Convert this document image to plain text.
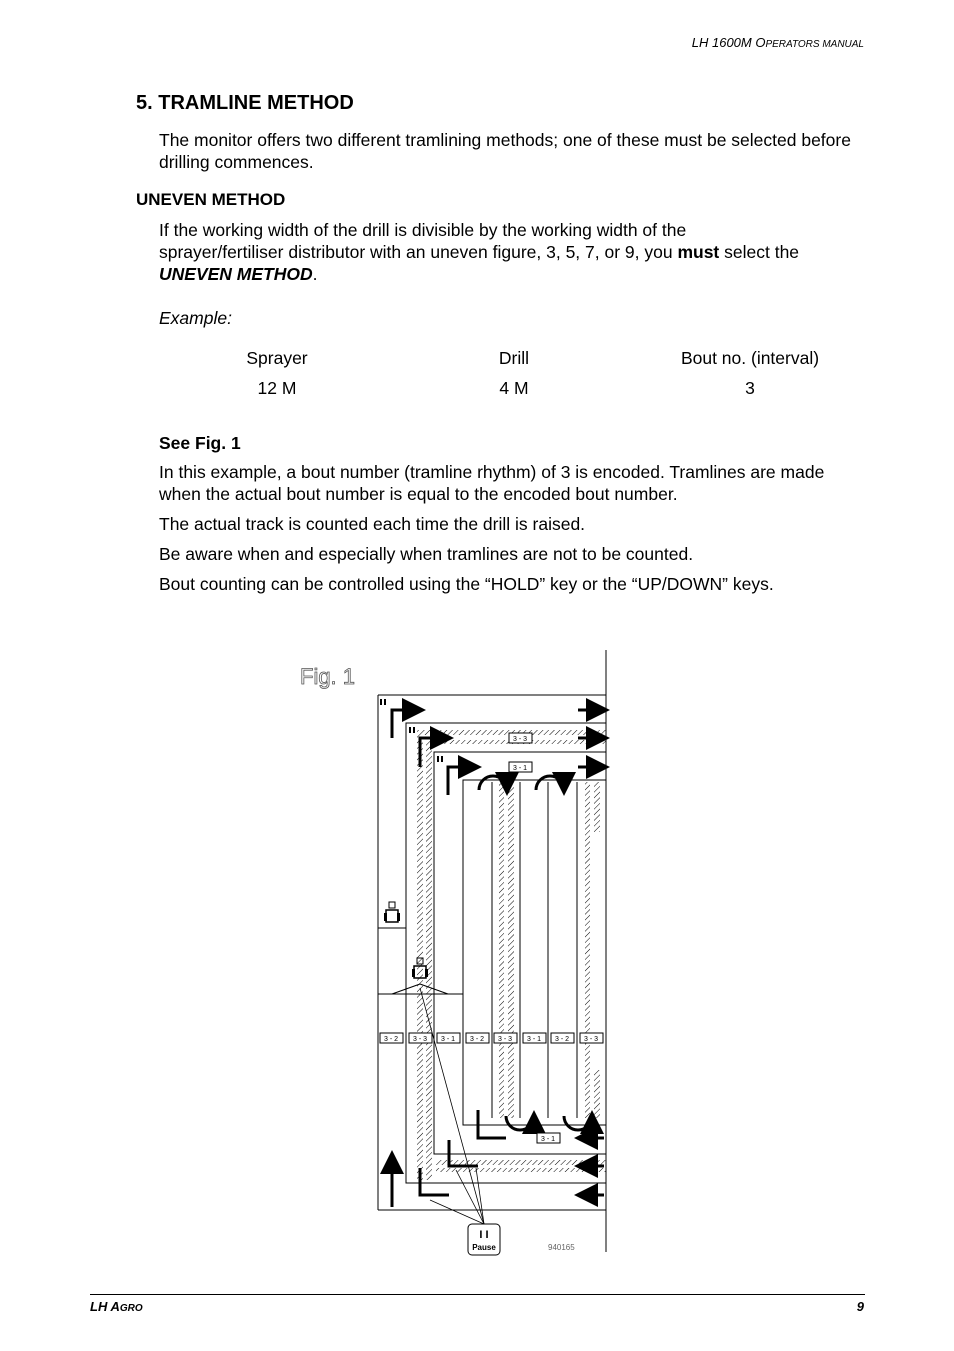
LH 1600M OPERATORS MANUAL
5. TRAMLINE METHOD
The monitor offers two different tramlining methods; one of these must be selected before drilling commences.
UNEVEN METHOD
If the working width of the drill is divisible by the working width of the
sprayer/fertiliser distributor with an uneven figure, 3, 5, 7, or 9, you must select the
UNEVEN METHOD.
Example:
Sprayer	Drill	Bout no. (interval)
12 M	4 M	3
See Fig. 1
In this example, a bout number (tramline rhythm) of 3 is encoded. Tramlines are made when the actual bout number is equal to the encoded bout number.
The actual track is counted each time the drill is raised.
Be aware when and especially when tramlines are not to be counted.
Bout counting can be controlled using the “HOLD” key or the “UP/DOWN” keys.
Fig. 1
3 - 2 3 - 3 3 - 1 3 - 2 3 - 3 3 - 1 3 - 2 3 - 3
3 - 3
3 - 1
3 - 1
I I
Pause	940165
LH AGRO	9
